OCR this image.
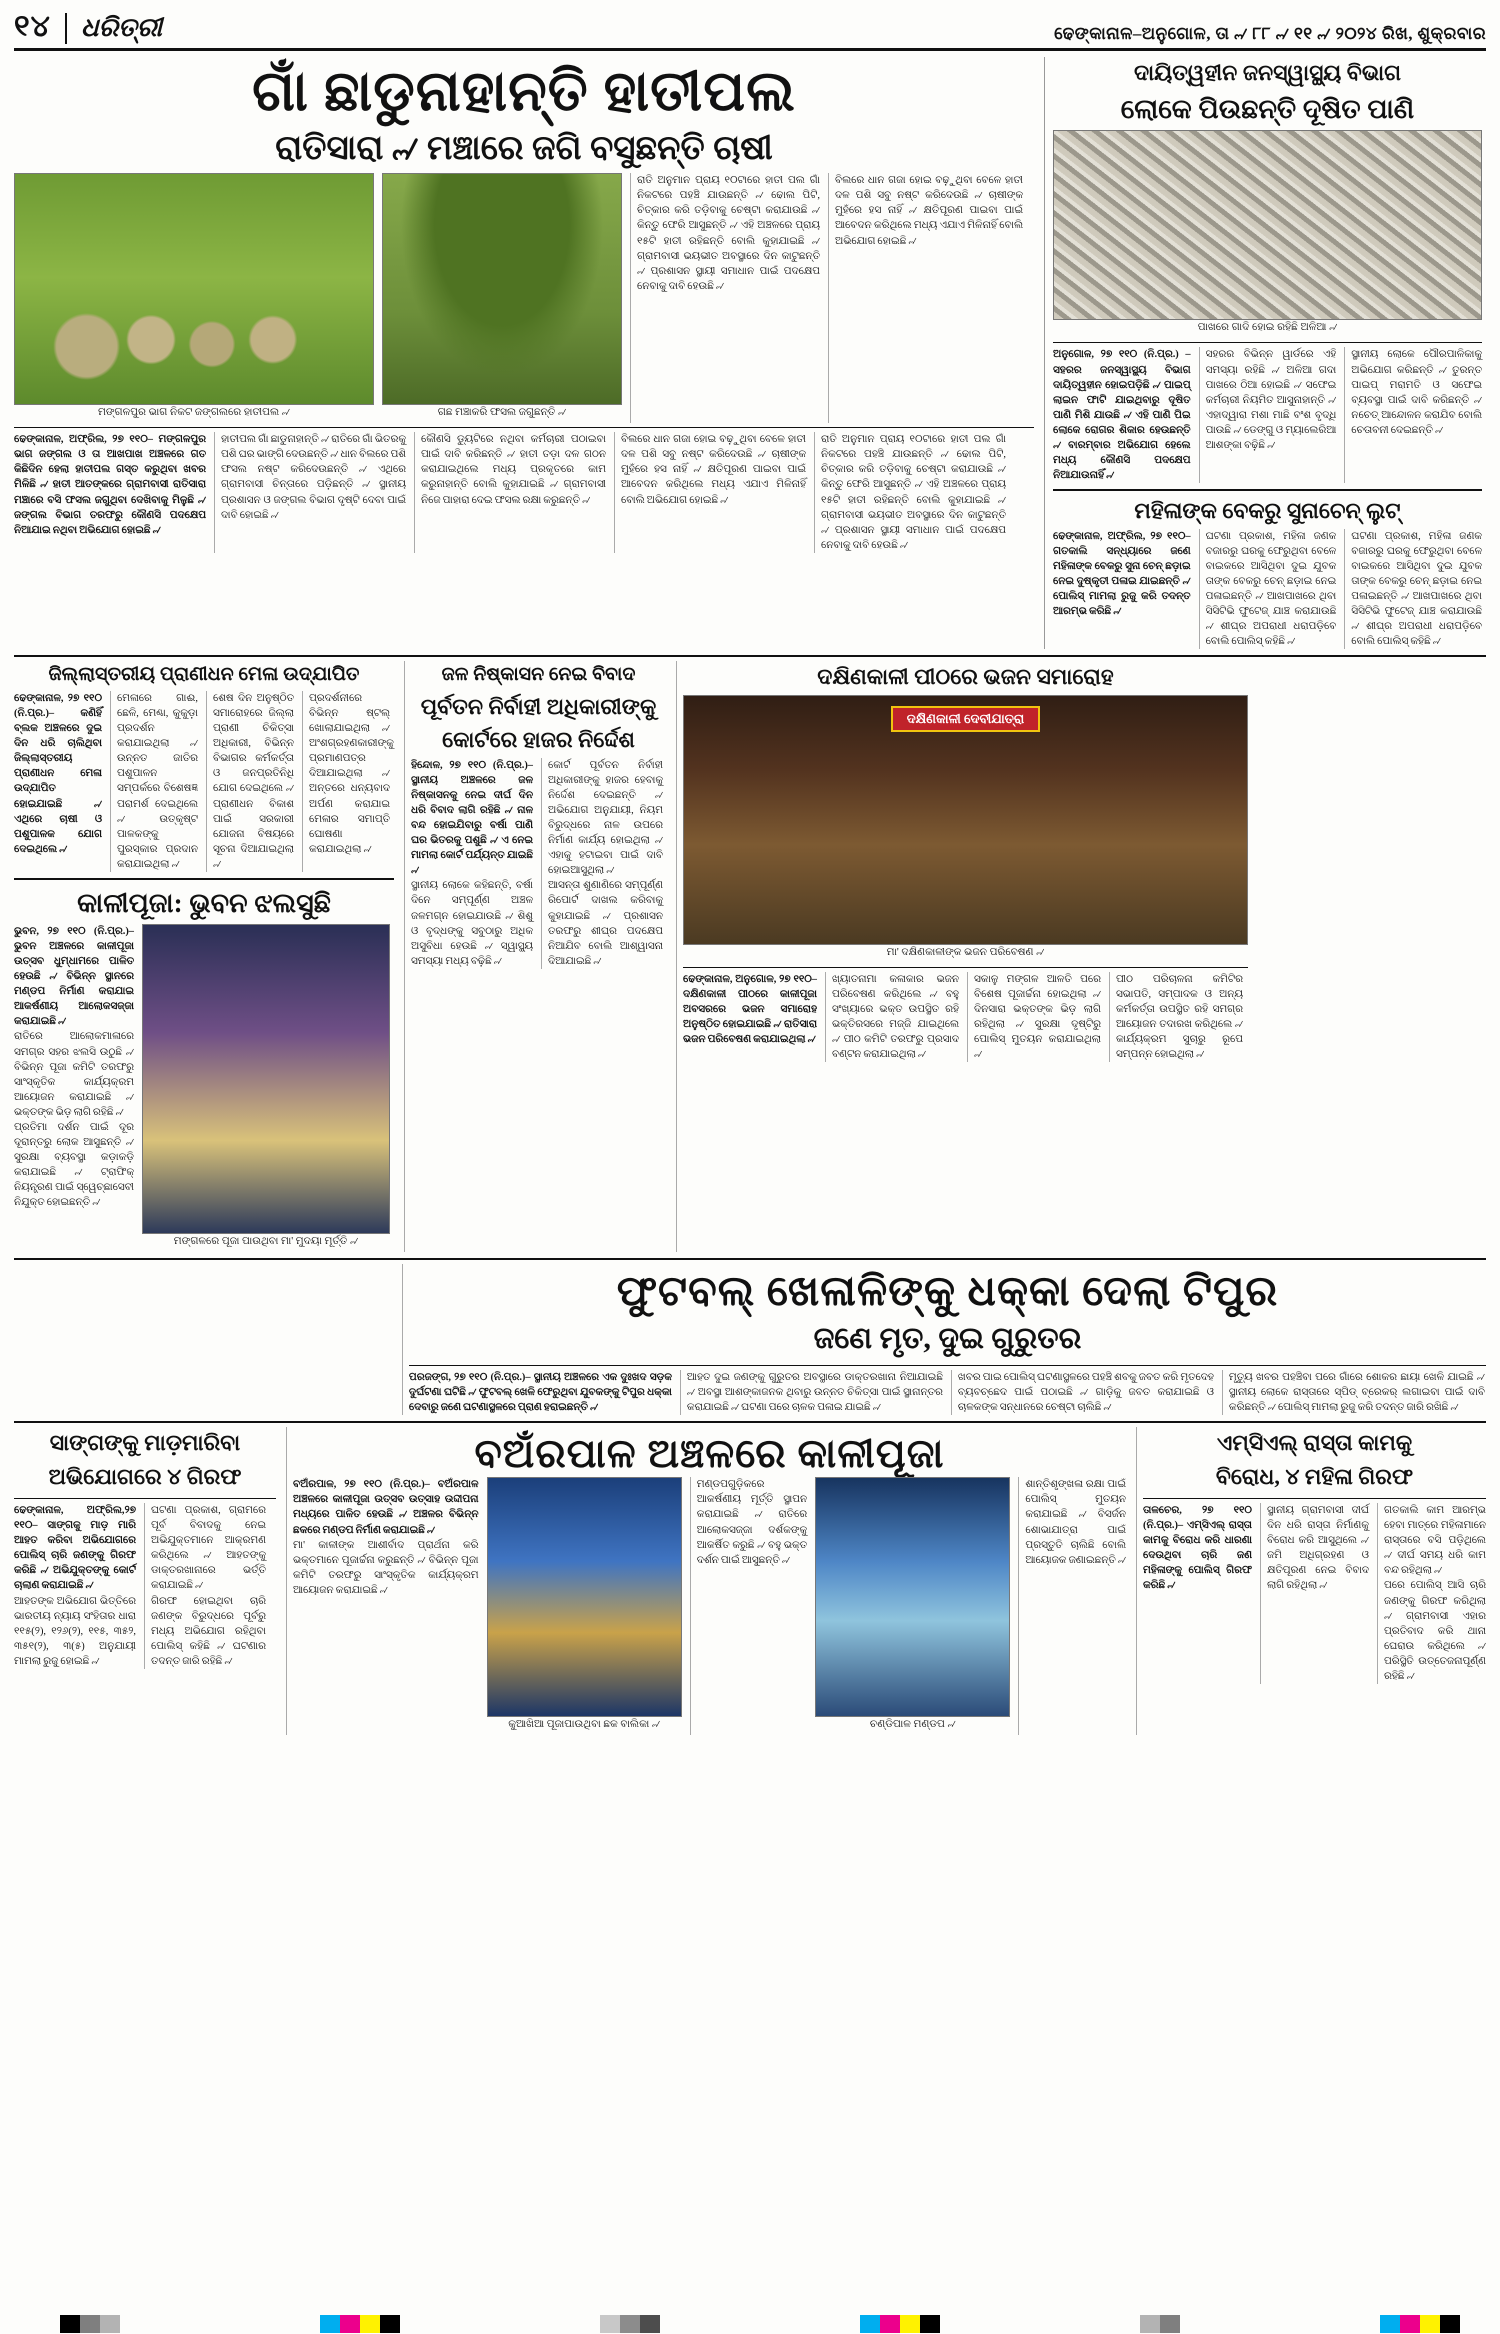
୧୪	ଧରିତ୍ରୀ	ଢେଙ୍କାନାଳ–ଅନୁଗୋଳ, ତା ୷ ୮୮ ୷ ୧୧ ୷ ୨୦୨୪ ରିଖ, ଶୁକ୍ରବାର
ଗାଁ ଛାଡୁନାହାନ୍ତି ହାତୀପଲ
ରାତିସାରା ୷ ମଞ୍ଚାରେ ଜଗି ବସୁଛନ୍ତି ଚାଷୀ
ମଙ୍ଗଳପୁର ଭାଗ ନିକଟ ଜଙ୍ଗଲରେ ହାତୀପଲ ୷	ଗଛ ମଞ୍ଚାକରି ଫସଲ ଜଗୁଛନ୍ତି ୷
ରାତି ଅନୁମାନ ପ୍ରାୟ ୧୦ଟାରେ ହାତୀ ପଲ ଗାଁ ନିକଟରେ ପହଞ୍ଚି ଯାଉଛନ୍ତି ୷ ଢୋଲ ପିଟି, ଚିତ୍କାର କରି ତଡ଼ିବାକୁ ଚେଷ୍ଟା କରାଯାଉଛି ୷ କିନ୍ତୁ ଫେରି ଆସୁଛନ୍ତି ୷ ଏହି ଅଞ୍ଚଳରେ ପ୍ରାୟ ୧୫ଟି ହାତୀ ରହିଛନ୍ତି ବୋଲି କୁହାଯାଇଛି ୷ ଗ୍ରାମବାସୀ ଭୟଭୀତ ଅବସ୍ଥାରେ ଦିନ କାଟୁଛନ୍ତି ୷ ପ୍ରଶାସନ ସ୍ଥାୟୀ ସମାଧାନ ପାଇଁ ପଦକ୍ଷେପ ନେବାକୁ ଦାବି ହେଉଛି ୷
ବିଲରେ ଧାନ ଗଜା ହୋଇ ବଢ଼ୁଥିବା ବେଳେ ହାତୀ ଦଳ ପଶି ସବୁ ନଷ୍ଟ କରିଦେଉଛି ୷ ଚାଷୀଙ୍କ ମୁହଁରେ ହସ ନାହିଁ ୷ କ୍ଷତିପୂରଣ ପାଇବା ପାଇଁ ଆବେଦନ କରିଥିଲେ ମଧ୍ୟ ଏଯାଏ ମିଳିନାହିଁ ବୋଲି ଅଭିଯୋଗ ହୋଇଛି ୷
ଢେଙ୍କାନାଳ, ଅଫ୍ରିଲ, ୨୭ ୧୧୦– ମଙ୍ଗଳପୁର ଭାଗ ଜଙ୍ଗଲ ଓ ତା ଆଖପାଖ ଅଞ୍ଚଳରେ ଗତ କିଛିଦିନ ହେଲା ହାତୀପଲ ଗସ୍ତ କରୁଥିବା ଖବର ମିଳିଛି ୷ ହାତୀ ଆତଙ୍କରେ ଗ୍ରାମବାସୀ ରାତିସାରା ମଞ୍ଚାରେ ବସି ଫସଲ ଜଗୁଥିବା ଦେଖିବାକୁ ମିଳୁଛି ୷ ଜଙ୍ଗଲ ବିଭାଗ ତରଫରୁ କୌଣସି ପଦକ୍ଷେପ ନିଆଯାଇ ନଥିବା ଅଭିଯୋଗ ହୋଇଛି ୷
ହାତୀପଲ ଗାଁ ଛାଡୁନାହାନ୍ତି ୷ ରାତିରେ ଗାଁ ଭିତରକୁ ପଶି ଘର ଭାଙ୍ଗି ଦେଉଛନ୍ତି ୷ ଧାନ ବିଲରେ ପଶି ଫସଲ ନଷ୍ଟ କରିଦେଉଛନ୍ତି ୷ ଏଥିରେ ଗ୍ରାମବାସୀ ଚିନ୍ତାରେ ପଡ଼ିଛନ୍ତି ୷ ସ୍ଥାନୀୟ ପ୍ରଶାସନ ଓ ଜଙ୍ଗଲ ବିଭାଗ ଦୃଷ୍ଟି ଦେବା ପାଇଁ ଦାବି ହୋଇଛି ୷
କୌଣସି ଡ୍ୟୁଟିରେ ନଥିବା କର୍ମଚାରୀ ପଠାଇବା ପାଇଁ ଦାବି କରିଛନ୍ତି ୷ ହାତୀ ତଡ଼ା ଦଳ ଗଠନ କରାଯାଇଥିଲେ ମଧ୍ୟ ପ୍ରକୃତରେ କାମ କରୁନାହାନ୍ତି ବୋଲି କୁହାଯାଇଛି ୷ ଗ୍ରାମବାସୀ ନିଜେ ପାହାରା ଦେଇ ଫସଲ ରକ୍ଷା କରୁଛନ୍ତି ୷
ବିଲରେ ଧାନ ଗଜା ହୋଇ ବଢ଼ୁଥିବା ବେଳେ ହାତୀ ଦଳ ପଶି ସବୁ ନଷ୍ଟ କରିଦେଉଛି ୷ ଚାଷୀଙ୍କ ମୁହଁରେ ହସ ନାହିଁ ୷ କ୍ଷତିପୂରଣ ପାଇବା ପାଇଁ ଆବେଦନ କରିଥିଲେ ମଧ୍ୟ ଏଯାଏ ମିଳିନାହିଁ ବୋଲି ଅଭିଯୋଗ ହୋଇଛି ୷
ରାତି ଅନୁମାନ ପ୍ରାୟ ୧୦ଟାରେ ହାତୀ ପଲ ଗାଁ ନିକଟରେ ପହଞ୍ଚି ଯାଉଛନ୍ତି ୷ ଢୋଲ ପିଟି, ଚିତ୍କାର କରି ତଡ଼ିବାକୁ ଚେଷ୍ଟା କରାଯାଉଛି ୷ କିନ୍ତୁ ଫେରି ଆସୁଛନ୍ତି ୷ ଏହି ଅଞ୍ଚଳରେ ପ୍ରାୟ ୧୫ଟି ହାତୀ ରହିଛନ୍ତି ବୋଲି କୁହାଯାଇଛି ୷ ଗ୍ରାମବାସୀ ଭୟଭୀତ ଅବସ୍ଥାରେ ଦିନ କାଟୁଛନ୍ତି ୷ ପ୍ରଶାସନ ସ୍ଥାୟୀ ସମାଧାନ ପାଇଁ ପଦକ୍ଷେପ ନେବାକୁ ଦାବି ହେଉଛି ୷
ଦାୟିତ୍ୱହୀନ ଜନସ୍ୱାସ୍ଥ୍ୟ ବିଭାଗ
ଲୋକେ ପିଉଛନ୍ତି ଦୂଷିତ ପାଣି
ପାଖରେ ଗାଦି ହୋଇ ରହିଛି ଅଳିଆ ୷
ଅନୁଗୋଳ, ୨୭ ୧୧୦ (ନି.ପ୍ର.) – ସହରର ଜନସ୍ୱାସ୍ଥ୍ୟ ବିଭାଗ ଦାୟିତ୍ୱହୀନ ହୋଇପଡ଼ିଛି ୷ ପାଇପ୍ ଲାଇନ ଫାଟି ଯାଇଥିବାରୁ ଦୂଷିତ ପାଣି ମିଶି ଯାଉଛି ୷ ଏହି ପାଣି ପିଇ ଲୋକେ ରୋଗର ଶିକାର ହେଉଛନ୍ତି ୷ ବାରମ୍ବାର ଅଭିଯୋଗ ହେଲେ ମଧ୍ୟ କୌଣସି ପଦକ୍ଷେପ ନିଆଯାଉନାହିଁ ୷
ସହରର ବିଭିନ୍ନ ୱାର୍ଡରେ ଏହି ସମସ୍ୟା ରହିଛି ୷ ଅଳିଆ ଗଦା ପାଖରେ ଠିଆ ହୋଇଛି ୷ ସଫେଇ କର୍ମଚାରୀ ନିୟମିତ ଆସୁନାହାନ୍ତି ୷ ଏହାଦ୍ୱାରା ମଶା ମାଛି ବଂଶ ବୃଦ୍ଧି ପାଉଛି ୷ ଡେଙ୍ଗୁ ଓ ମ୍ୟାଲେରିଆ ଆଶଙ୍କା ବଢ଼ିଛି ୷
ସ୍ଥାନୀୟ ଲୋକେ ପୌରପାଳିକାକୁ ଅଭିଯୋଗ କରିଛନ୍ତି ୷ ତୁରନ୍ତ ପାଇପ୍ ମରାମତି ଓ ସଫେଇ ବ୍ୟବସ୍ଥା ପାଇଁ ଦାବି କରିଛନ୍ତି ୷ ନଚେତ୍ ଆନ୍ଦୋଳନ କରାଯିବ ବୋଲି ଚେତାବନୀ ଦେଇଛନ୍ତି ୷
ମହିଳାଙ୍କ ବେକରୁ ସୁନାଚେନ୍ ଲୁଟ୍
ଢେଙ୍କାନାଳ, ଅଫ୍ରିଲ, ୨୭ ୧୧୦– ଗତକାଲି ସନ୍ଧ୍ୟାରେ ଜଣେ ମହିଳାଙ୍କ ବେକରୁ ସୁନା ଚେନ୍ ଛଡ଼ାଇ ନେଇ ଦୁଷ୍କୃତୀ ପଳାଇ ଯାଇଛନ୍ତି ୷ ପୋଲିସ୍ ମାମଲା ରୁଜୁ କରି ତଦନ୍ତ ଆରମ୍ଭ କରିଛି ୷
ଘଟଣା ପ୍ରକାଶ, ମହିଳା ଜଣକ ବଜାରରୁ ଘରକୁ ଫେରୁଥିବା ବେଳେ ବାଇକରେ ଆସିଥିବା ଦୁଇ ଯୁବକ ତାଙ୍କ ବେକରୁ ଚେନ୍ ଛଡ଼ାଇ ନେଇ ପଳାଇଛନ୍ତି ୷ ଆଖପାଖରେ ଥିବା ସିସିଟିଭି ଫୁଟେଜ୍ ଯାଞ୍ଚ କରାଯାଉଛି ୷ ଶୀଘ୍ର ଅପରାଧୀ ଧରାପଡ଼ିବେ ବୋଲି ପୋଲିସ୍ କହିଛି ୷
ଘଟଣା ପ୍ରକାଶ, ମହିଳା ଜଣକ ବଜାରରୁ ଘରକୁ ଫେରୁଥିବା ବେଳେ ବାଇକରେ ଆସିଥିବା ଦୁଇ ଯୁବକ ତାଙ୍କ ବେକରୁ ଚେନ୍ ଛଡ଼ାଇ ନେଇ ପଳାଇଛନ୍ତି ୷ ଆଖପାଖରେ ଥିବା ସିସିଟିଭି ଫୁଟେଜ୍ ଯାଞ୍ଚ କରାଯାଉଛି ୷ ଶୀଘ୍ର ଅପରାଧୀ ଧରାପଡ଼ିବେ ବୋଲି ପୋଲିସ୍ କହିଛି ୷
ଜିଲ୍ଲାସ୍ତରୀୟ ପ୍ରାଣୀଧନ ମେଳା ଉଦ୍‌ଯାପିତ
ଢେଙ୍କାନାଳ, ୨୭ ୧୧୦ (ନି.ପ୍ର.)– କଣିହିଁ ବ୍ଲକ ଅଞ୍ଚଳରେ ଦୁଇ ଦିନ ଧରି ଚାଲିଥିବା ଜିଲ୍ଲାସ୍ତରୀୟ ପ୍ରାଣୀଧନ ମେଳା ଉଦ୍‌ଯାପିତ ହୋଇଯାଇଛି ୷ ଏଥିରେ ଚାଷୀ ଓ ପଶୁପାଳକ ଯୋଗ ଦେଇଥିଲେ ୷
ମେଳାରେ ଗାଈ, ଛେଳି, ମେଣ୍ଢା, କୁକୁଡ଼ା ପ୍ରଦର୍ଶନ କରାଯାଇଥିଲା ୷ ଉନ୍ନତ ଜାତିର ପଶୁପାଳନ ସମ୍ପର୍କରେ ବିଶେଷଜ୍ଞ ପରାମର୍ଶ ଦେଇଥିଲେ ୷ ଉତ୍କୃଷ୍ଟ ପାଳକଙ୍କୁ ପୁରସ୍କାର ପ୍ରଦାନ କରାଯାଇଥିଲା ୷
ଶେଷ ଦିନ ଅନୁଷ୍ଠିତ ସମାରୋହରେ ଜିଲ୍ଲା ପ୍ରାଣୀ ଚିକିତ୍ସା ଅଧିକାରୀ, ବିଭିନ୍ନ ବିଭାଗର କର୍ମକର୍ତ୍ତା ଓ ଜନପ୍ରତିନିଧି ଯୋଗ ଦେଇଥିଲେ ୷ ପ୍ରାଣୀଧନ ବିକାଶ ପାଇଁ ସରକାରୀ ଯୋଜନା ବିଷୟରେ ସୂଚନା ଦିଆଯାଇଥିଲା ୷
ପ୍ରଦର୍ଶନୀରେ ବିଭିନ୍ନ ଷ୍ଟଲ୍ ଖୋଲାଯାଇଥିଲା ୷ ଅଂଶଗ୍ରହଣକାରୀଙ୍କୁ ପ୍ରମାଣପତ୍ର ଦିଆଯାଇଥିଲା ୷ ଅନ୍ତରେ ଧନ୍ୟବାଦ ଅର୍ପଣ କରାଯାଇ ମେଳାର ସମାପ୍ତି ଘୋଷଣା କରାଯାଇଥିଲା ୷
କାଳୀପୂଜା: ଭୁବନ ଝଲସୁଛି
ଭୁବନ, ୨୭ ୧୧୦ (ନି.ପ୍ର.)– ଭୁବନ ଅଞ୍ଚଳରେ କାଳୀପୂଜା ଉତ୍ସବ ଧୁମ୍‌ଧାମରେ ପାଳିତ ହେଉଛି ୷ ବିଭିନ୍ନ ସ୍ଥାନରେ ମଣ୍ଡପ ନିର୍ମାଣ କରାଯାଇ ଆକର୍ଷଣୀୟ ଆଲୋକସଜ୍ଜା କରାଯାଇଛି ୷
ରାତିରେ ଆଲୋକମାଳାରେ ସମଗ୍ର ସହର ଝଲସି ଉଠୁଛି ୷ ବିଭିନ୍ନ ପୂଜା କମିଟି ତରଫରୁ ସାଂସ୍କୃତିକ କାର୍ଯ୍ୟକ୍ରମ ଆୟୋଜନ କରାଯାଇଛି ୷ ଭକ୍ତଙ୍କ ଭିଡ଼ ଲାଗି ରହିଛି ୷
ପ୍ରତିମା ଦର୍ଶନ ପାଇଁ ଦୂର ଦୂରାନ୍ତରୁ ଲୋକ ଆସୁଛନ୍ତି ୷ ସୁରକ୍ଷା ବ୍ୟବସ୍ଥା କଡ଼ାକଡ଼ି କରାଯାଇଛି ୷ ଟ୍ରାଫିକ୍ ନିୟନ୍ତ୍ରଣ ପାଇଁ ସ୍ୱେଚ୍ଛାସେବୀ ନିଯୁକ୍ତ ହୋଇଛନ୍ତି ୷
ମଙ୍ଗଳରେ ପୂଜା ପାଉଥିବା ମା' ମୁଦୟା ମୂର୍ତ୍ତି ୷
ଜଳ ନିଷ୍କାସନ ନେଇ ବିବାଦ
ପୂର୍ବତନ ନିର୍ବାହୀ ଅଧିକାରୀଙ୍କୁ
କୋର୍ଟରେ ହାଜର ନିର୍ଦ୍ଦେଶ
ହିନ୍ଦୋଳ, ୨୭ ୧୧୦ (ନି.ପ୍ର.)– ସ୍ଥାନୀୟ ଅଞ୍ଚଳରେ ଜଳ ନିଷ୍କାସନକୁ ନେଇ ଦୀର୍ଘ ଦିନ ଧରି ବିବାଦ ଲାଗି ରହିଛି ୷ ନାଳ ବନ୍ଦ ହୋଇଯିବାରୁ ବର୍ଷା ପାଣି ଘର ଭିତରକୁ ପଶୁଛି ୷ ଏ ନେଇ ମାମଲା କୋର୍ଟ ପର୍ଯ୍ୟନ୍ତ ଯାଇଛି ୷
ସ୍ଥାନୀୟ ଲୋକେ କହିଛନ୍ତି, ବର୍ଷା ଦିନେ ସମ୍ପୂର୍ଣ୍ଣ ଅଞ୍ଚଳ ଜଳମଗ୍ନ ହୋଇଯାଉଛି ୷ ଶିଶୁ ଓ ବୃଦ୍ଧଙ୍କୁ ସବୁଠାରୁ ଅଧିକ ଅସୁବିଧା ହେଉଛି ୷ ସ୍ୱାସ୍ଥ୍ୟ ସମସ୍ୟା ମଧ୍ୟ ବଢ଼ିଛି ୷
କୋର୍ଟ ପୂର୍ବତନ ନିର୍ବାହୀ ଅଧିକାରୀଙ୍କୁ ହାଜର ହେବାକୁ ନିର୍ଦ୍ଦେଶ ଦେଇଛନ୍ତି ୷ ଅଭିଯୋଗ ଅନୁଯାୟୀ, ନିୟମ ବିରୁଦ୍ଧରେ ନାଳ ଉପରେ ନିର୍ମାଣ କାର୍ଯ୍ୟ ହୋଇଥିଲା ୷ ଏହାକୁ ହଟାଇବା ପାଇଁ ଦାବି ହୋଇଆସୁଥିଲା ୷
ଆସନ୍ତା ଶୁଣାଣିରେ ସମ୍ପୂର୍ଣ୍ଣ ରିପୋର୍ଟ ଦାଖଲ କରିବାକୁ କୁହାଯାଇଛି ୷ ପ୍ରଶାସନ ତରଫରୁ ଶୀଘ୍ର ପଦକ୍ଷେପ ନିଆଯିବ ବୋଲି ଆଶ୍ୱାସନା ଦିଆଯାଇଛି ୷
ଦକ୍ଷିଣକାଳୀ ପୀଠରେ ଭଜନ ସମାରୋହ
ଦକ୍ଷିଣକାଳୀ ଦେବୀଯାତ୍ରା
ମା' ଦକ୍ଷିଣକାଳୀଙ୍କ ଭଜନ ପରିବେଷଣ ୷
ଢେଙ୍କାନାଳ, ଅନୁଗୋଳ, ୨୭ ୧୧୦– ଦକ୍ଷିଣକାଳୀ ପୀଠରେ କାଳୀପୂଜା ଅବସରରେ ଭଜନ ସମାରୋହ ଅନୁଷ୍ଠିତ ହୋଇଯାଇଛି ୷ ରାତିସାରା ଭଜନ ପରିବେଷଣ କରାଯାଇଥିଲା ୷
ଖ୍ୟାତନାମା କଳାକାର ଭଜନ ପରିବେଷଣ କରିଥିଲେ ୷ ବହୁ ସଂଖ୍ୟାରେ ଭକ୍ତ ଉପସ୍ଥିତ ରହି ଭକ୍ତିରସରେ ମଜ୍ଜି ଯାଇଥିଲେ ୷ ପୀଠ କମିଟି ତରଫରୁ ପ୍ରସାଦ ବଣ୍ଟନ କରାଯାଇଥିଲା ୷
ସକାଳୁ ମଙ୍ଗଳ ଆଳତି ପରେ ବିଶେଷ ପୂଜାର୍ଚ୍ଚନା ହୋଇଥିଲା ୷ ଦିନସାରା ଭକ୍ତଙ୍କ ଭିଡ଼ ଲାଗି ରହିଥିଲା ୷ ସୁରକ୍ଷା ଦୃଷ୍ଟିରୁ ପୋଲିସ୍ ମୁତୟନ କରାଯାଇଥିଲା ୷
ପୀଠ ପରିଚାଳନା କମିଟିର ସଭାପତି, ସମ୍ପାଦକ ଓ ଅନ୍ୟ କର୍ମକର୍ତ୍ତା ଉପସ୍ଥିତ ରହି ସମଗ୍ର ଆୟୋଜନ ତଦାରଖ କରିଥିଲେ ୷ କାର୍ଯ୍ୟକ୍ରମ ସୁଚାରୁ ରୂପେ ସମ୍ପନ୍ନ ହୋଇଥିଲା ୷
ଫୁଟବଲ୍ ଖେଳାଳିଙ୍କୁ ଧକ୍କା ଦେଲା ଟିପୁର
ଜଣେ ମୃତ, ଦୁଇ ଗୁରୁତର
ପରଜଙ୍ଗ, ୨୭ ୧୧୦ (ନି.ପ୍ର.)– ସ୍ଥାନୀୟ ଅଞ୍ଚଳରେ ଏକ ଦୁଃଖଦ ସଡ଼କ ଦୁର୍ଘଟଣା ଘଟିଛି ୷ ଫୁଟବଲ୍ ଖେଳି ଫେରୁଥିବା ଯୁବକଙ୍କୁ ଟିପୁର ଧକ୍କା ଦେବାରୁ ଜଣେ ଘଟଣାସ୍ଥଳରେ ପ୍ରାଣ ହରାଇଛନ୍ତି ୷
ଆହତ ଦୁଇ ଜଣଙ୍କୁ ଗୁରୁତର ଅବସ୍ଥାରେ ଡାକ୍ତରଖାନା ନିଆଯାଇଛି ୷ ଅବସ୍ଥା ଆଶଙ୍କାଜନକ ଥିବାରୁ ଉନ୍ନତ ଚିକିତ୍ସା ପାଇଁ ସ୍ଥାନାନ୍ତର କରାଯାଇଛି ୷ ଘଟଣା ପରେ ଚାଳକ ପଳାଇ ଯାଇଛି ୷
ଖବର ପାଇ ପୋଲିସ୍ ଘଟଣାସ୍ଥଳରେ ପହଞ୍ଚି ଶବକୁ ଜବତ କରି ମୃତଦେହ ବ୍ୟବଚ୍ଛେଦ ପାଇଁ ପଠାଇଛି ୷ ଗାଡ଼ିକୁ ଜବତ କରାଯାଇଛି ଓ ଚାଳକଙ୍କ ସନ୍ଧାନରେ ଚେଷ୍ଟା ଚାଲିଛି ୷
ମୃତ୍ୟୁ ଖବର ପହଞ୍ଚିବା ପରେ ଗାଁରେ ଶୋକର ଛାୟା ଖେଳି ଯାଇଛି ୷ ସ୍ଥାନୀୟ ଲୋକେ ରାସ୍ତାରେ ସ୍ପିଡ୍ ବ୍ରେକର୍ ଲଗାଇବା ପାଇଁ ଦାବି କରିଛନ୍ତି ୷ ପୋଲିସ୍ ମାମଲା ରୁଜୁ କରି ତଦନ୍ତ ଜାରି ରଖିଛି ୷
ସାଙ୍ଗଙ୍କୁ ମାଡ଼ମାରିବା
ଅଭିଯୋଗରେ ୪ ଗିରଫ
ଢେଙ୍କାନାଳ, ଅଫ୍ରିଲ,୨୭ ୧୧୦– ସାଙ୍ଗକୁ ମାଡ଼ ମାରି ଆହତ କରିବା ଅଭିଯୋଗରେ ପୋଲିସ୍ ଚାରି ଜଣଙ୍କୁ ଗିରଫ କରିଛି ୷ ଅଭିଯୁକ୍ତଙ୍କୁ କୋର୍ଟ ଚାଲାଣ କରାଯାଇଛି ୷
ଆହତଙ୍କ ଅଭିଯୋଗ ଭିତ୍ତିରେ ଭାରତୀୟ ନ୍ୟାୟ ସଂହିତାର ଧାରା ୧୧୫(୨), ୧୨୬(୨), ୧୧୫, ୩୫୨, ୩୫୧(୨), ୩(୫) ଅନୁଯାୟୀ ମାମଲା ରୁଜୁ ହୋଇଛି ୷
ଘଟଣା ପ୍ରକାଶ, ଗ୍ରାମରେ ପୂର୍ବ ବିବାଦକୁ ନେଇ ଅଭିଯୁକ୍ତମାନେ ଆକ୍ରମଣ କରିଥିଲେ ୷ ଆହତଙ୍କୁ ଡାକ୍ତରଖାନାରେ ଭର୍ତ୍ତି କରାଯାଇଛି ୷
ଗିରଫ ହୋଇଥିବା ଚାରି ଜଣଙ୍କ ବିରୁଦ୍ଧରେ ପୂର୍ବରୁ ମଧ୍ୟ ଅଭିଯୋଗ ରହିଥିବା ପୋଲିସ୍ କହିଛି ୷ ଘଟଣାର ତଦନ୍ତ ଜାରି ରହିଛି ୷
ବଅଁରପାଳ ଅଞ୍ଚଳରେ କାଳୀପୂଜା
ବଅଁରପାଳ, ୨୭ ୧୧୦ (ନି.ପ୍ର.)– ବଅଁରପାଳ ଅଞ୍ଚଳରେ କାଳୀପୂଜା ଉତ୍ସବ ଉତ୍ସାହ ଉଦ୍ଦୀପନା ମଧ୍ୟରେ ପାଳିତ ହେଉଛି ୷ ଅଞ୍ଚଳର ବିଭିନ୍ନ ଛକରେ ମଣ୍ଡପ ନିର୍ମାଣ କରାଯାଇଛି ୷
ମା' କାଳୀଙ୍କ ଆଶୀର୍ବାଦ ପ୍ରାର୍ଥନା କରି ଭକ୍ତମାନେ ପୂଜାର୍ଚ୍ଚନା କରୁଛନ୍ତି ୷ ବିଭିନ୍ନ ପୂଜା କମିଟି ତରଫରୁ ସାଂସ୍କୃତିକ କାର୍ଯ୍ୟକ୍ରମ ଆୟୋଜନ କରାଯାଇଛି ୷
କୁଆଖିଆ ପୂଜାପାଉଥିବା ଛକ ବାଲିକା ୷
ମଣ୍ଡପଗୁଡ଼ିକରେ ଆକର୍ଷଣୀୟ ମୂର୍ତ୍ତି ସ୍ଥାପନ କରାଯାଇଛି ୷ ରାତିରେ ଆଲୋକସଜ୍ଜା ଦର୍ଶକଙ୍କୁ ଆକର୍ଷିତ କରୁଛି ୷ ବହୁ ଭକ୍ତ ଦର୍ଶନ ପାଇଁ ଆସୁଛନ୍ତି ୷
ଚଣ୍ଡିପାଳ ମଣ୍ଡପ ୷
ଶାନ୍ତିଶୃଙ୍ଖଳା ରକ୍ଷା ପାଇଁ ପୋଲିସ୍ ମୁତୟନ କରାଯାଇଛି ୷ ବିସର୍ଜନ ଶୋଭାଯାତ୍ରା ପାଇଁ ପ୍ରସ୍ତୁତି ଚାଲିଛି ବୋଲି ଆୟୋଜକ ଜଣାଇଛନ୍ତି ୷
ଏମ୍‌ସିଏଲ୍ ରାସ୍ତା କାମକୁ
ବିରୋଧ, ୪ ମହିଳା ଗିରଫ
ତାଳଚେର, ୨୭ ୧୧୦ (ନି.ପ୍ର.)– ଏମ୍‌ସିଏଲ୍ ରାସ୍ତା କାମକୁ ବିରୋଧ କରି ଧାରଣା ଦେଉଥିବା ଚାରି ଜଣ ମହିଳାଙ୍କୁ ପୋଲିସ୍ ଗିରଫ କରିଛି ୷
ସ୍ଥାନୀୟ ଗ୍ରାମବାସୀ ଦୀର୍ଘ ଦିନ ଧରି ରାସ୍ତା ନିର୍ମାଣକୁ ବିରୋଧ କରି ଆସୁଥିଲେ ୷ ଜମି ଅଧିଗ୍ରହଣ ଓ କ୍ଷତିପୂରଣ ନେଇ ବିବାଦ ଲାଗି ରହିଥିଲା ୷
ଗତକାଲି କାମ ଆରମ୍ଭ ହେବା ମାତ୍ରେ ମହିଳାମାନେ ରାସ୍ତାରେ ବସି ପଡ଼ିଥିଲେ ୷ ଦୀର୍ଘ ସମୟ ଧରି କାମ ବନ୍ଦ ରହିଥିଲା ୷
ପରେ ପୋଲିସ୍ ଆସି ଚାରି ଜଣଙ୍କୁ ଗିରଫ କରିଥିଲା ୷ ଗ୍ରାମବାସୀ ଏହାର ପ୍ରତିବାଦ କରି ଥାନା ଘେରାଉ କରିଥିଲେ ୷ ପରିସ୍ଥିତି ଉତ୍ତେଜନାପୂର୍ଣ୍ଣ ରହିଛି ୷
